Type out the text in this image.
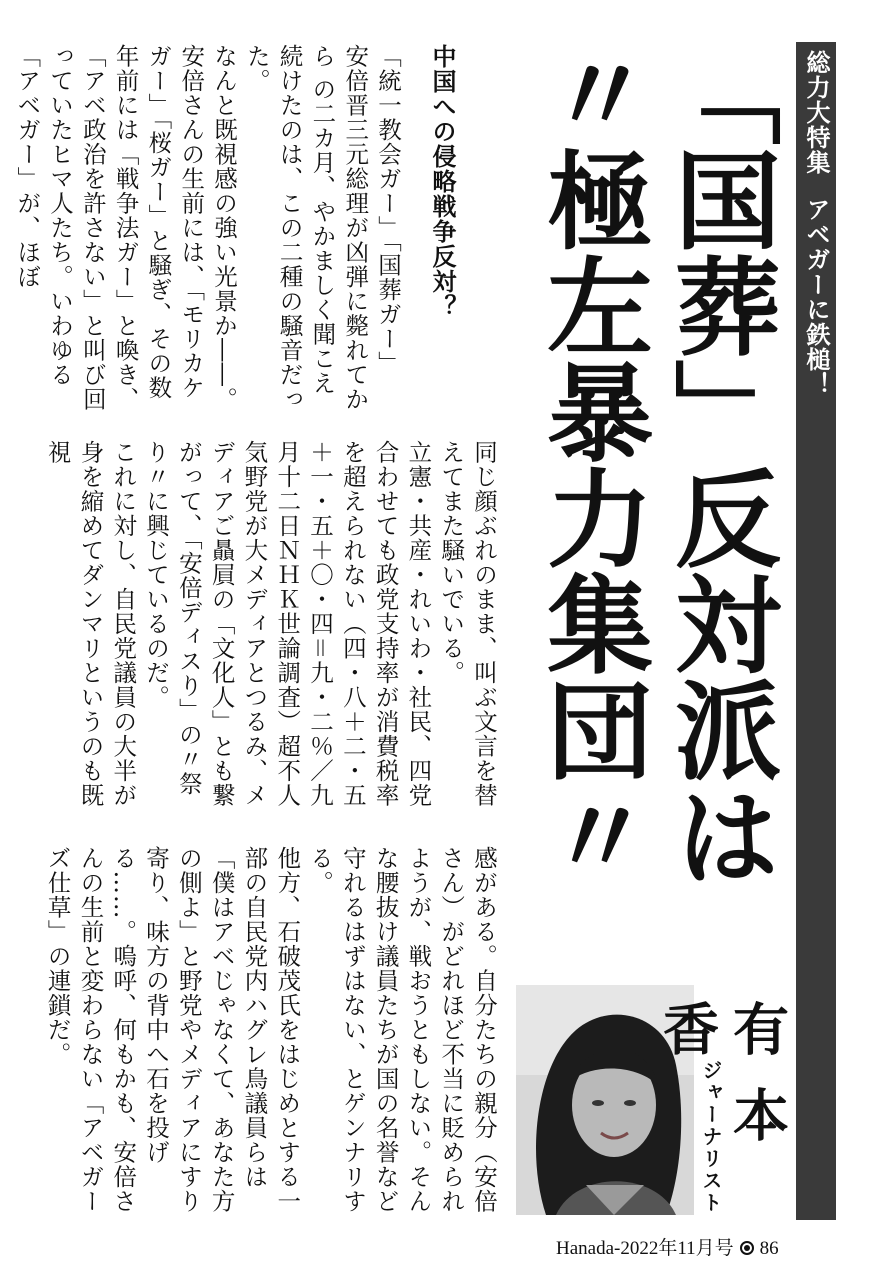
総力大特集アベガーに鉄槌！
「国葬」反対派は
〃極左暴力集団〃
中国への侵略戦争反対？

「統一教会ガー」「国葬ガー」

安倍晋三元総理が凶弾に斃れてから の二カ月、やかましく聞こえ続けたのは、この二種の騒音だった。

なんと既視感の強い光景か――。

安倍さんの生前には、「モリカケガー」「桜ガー」と騒ぎ、その数年前には「戦争法ガー」と喚き、「アベ政治を許さない」と叫び回っていたヒマ人たち。いわゆる「アベガー」が、ほぼ

同じ顔ぶれのまま、叫ぶ文言を替えてまた騒いでいる。

立憲・共産・れいわ・社民、四党合わせても政党支持率が消費税率を超えられない（四・八＋二・五＋一・五＋〇・四＝九・二％／九月十二日ＮＨＫ世論調査）超不人気野党が大メディアとつるみ、メディアご贔屓の「文化人」とも繋がって、「安倍ディスり」の〃祭り〃に興じているのだ。

これに対し、自民党議員の大半が身を縮めてダンマリというのも既視

感がある。自分たちの親分（安倍さん）がどれほど不当に貶められようが、戦おうともしない。そんな腰抜け議員たちが国の名誉など守れるはずはない、とゲンナリする。

他方、石破茂氏をはじめとする一部の自民党内ハグレ鳥議員らは「僕はアベじゃなくて、あなた方の側よ」と野党やメディアにすり寄り、味方の背中へ石を投げる……。嗚呼、何もかも、安倍さんの生前と変わらない「アベガーズ仕草」の連鎖だ。

有本 香
ジャーナリスト
Hanada-2022年11月号 86
